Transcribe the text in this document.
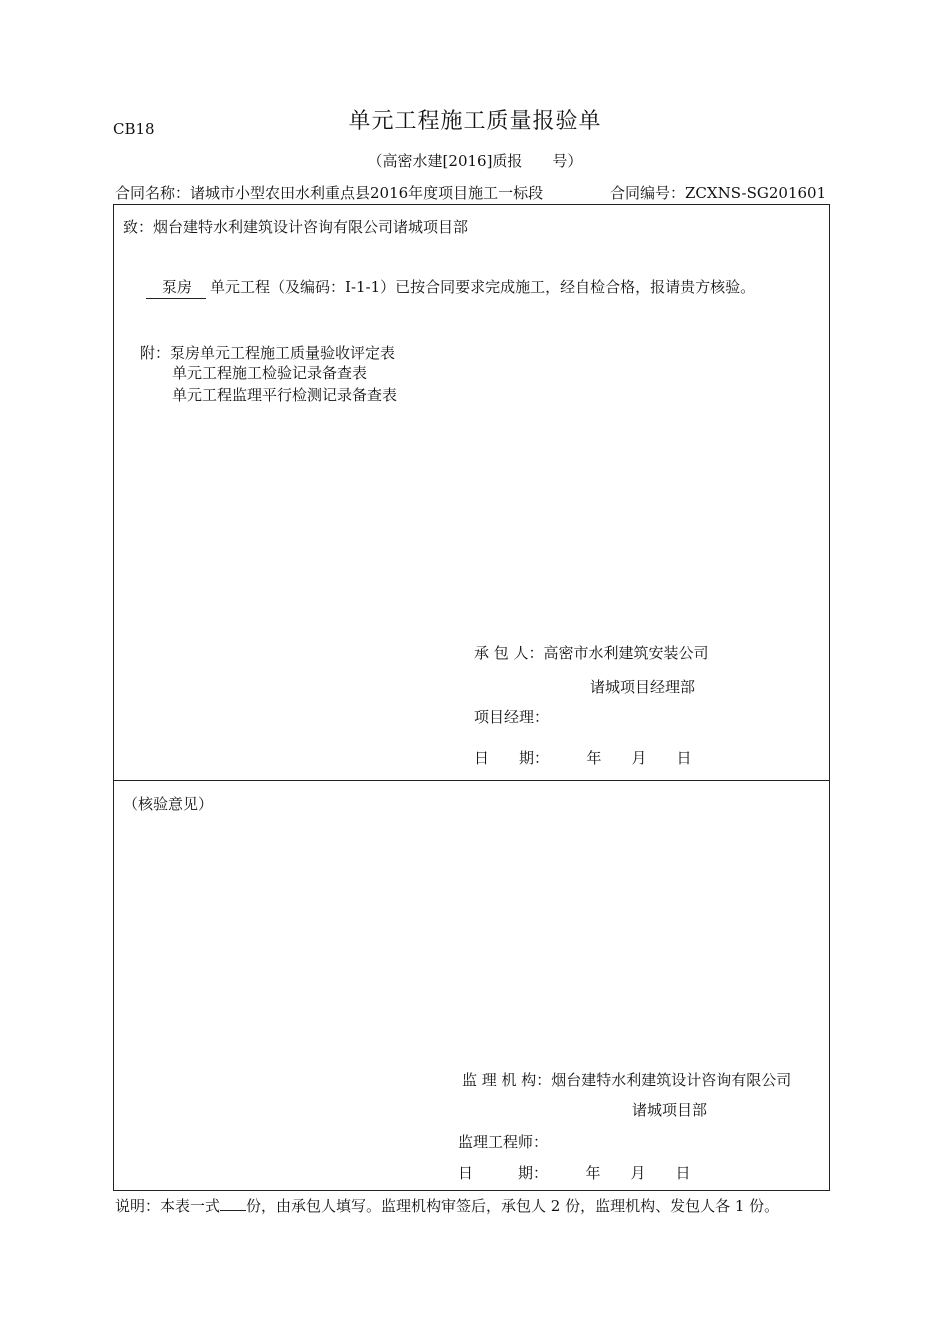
CB18	单元工程施工质量报验单
（高密水建[2016]质报　　号）
合同名称：诸城市小型农田水利重点县2016年度项目施工一标段	合同编号：ZCXNS-SG201601
致：烟台建特水利建筑设计咨询有限公司诸城项目部
泵房 单元工程（及编码：Ⅰ-1-1）已按合同要求完成施工，经自检合格，报请贵方核验。
附：泵房单元工程施工质量验收评定表
单元工程施工检验记录备查表
单元工程监理平行检测记录备查表
承 包 人：高密市水利建筑安装公司
诸城项目经理部
项目经理：
日　　期：　　　年　　月　　日
（核验意见）
监 理 机 构：烟台建特水利建筑设计咨询有限公司
诸城项目部
监理工程师：
日　　　期：　　　年　　月　　日
说明：本表一式 份，由承包人填写。监理机构审签后，承包人 2 份，监理机构、发包人各 1 份。
